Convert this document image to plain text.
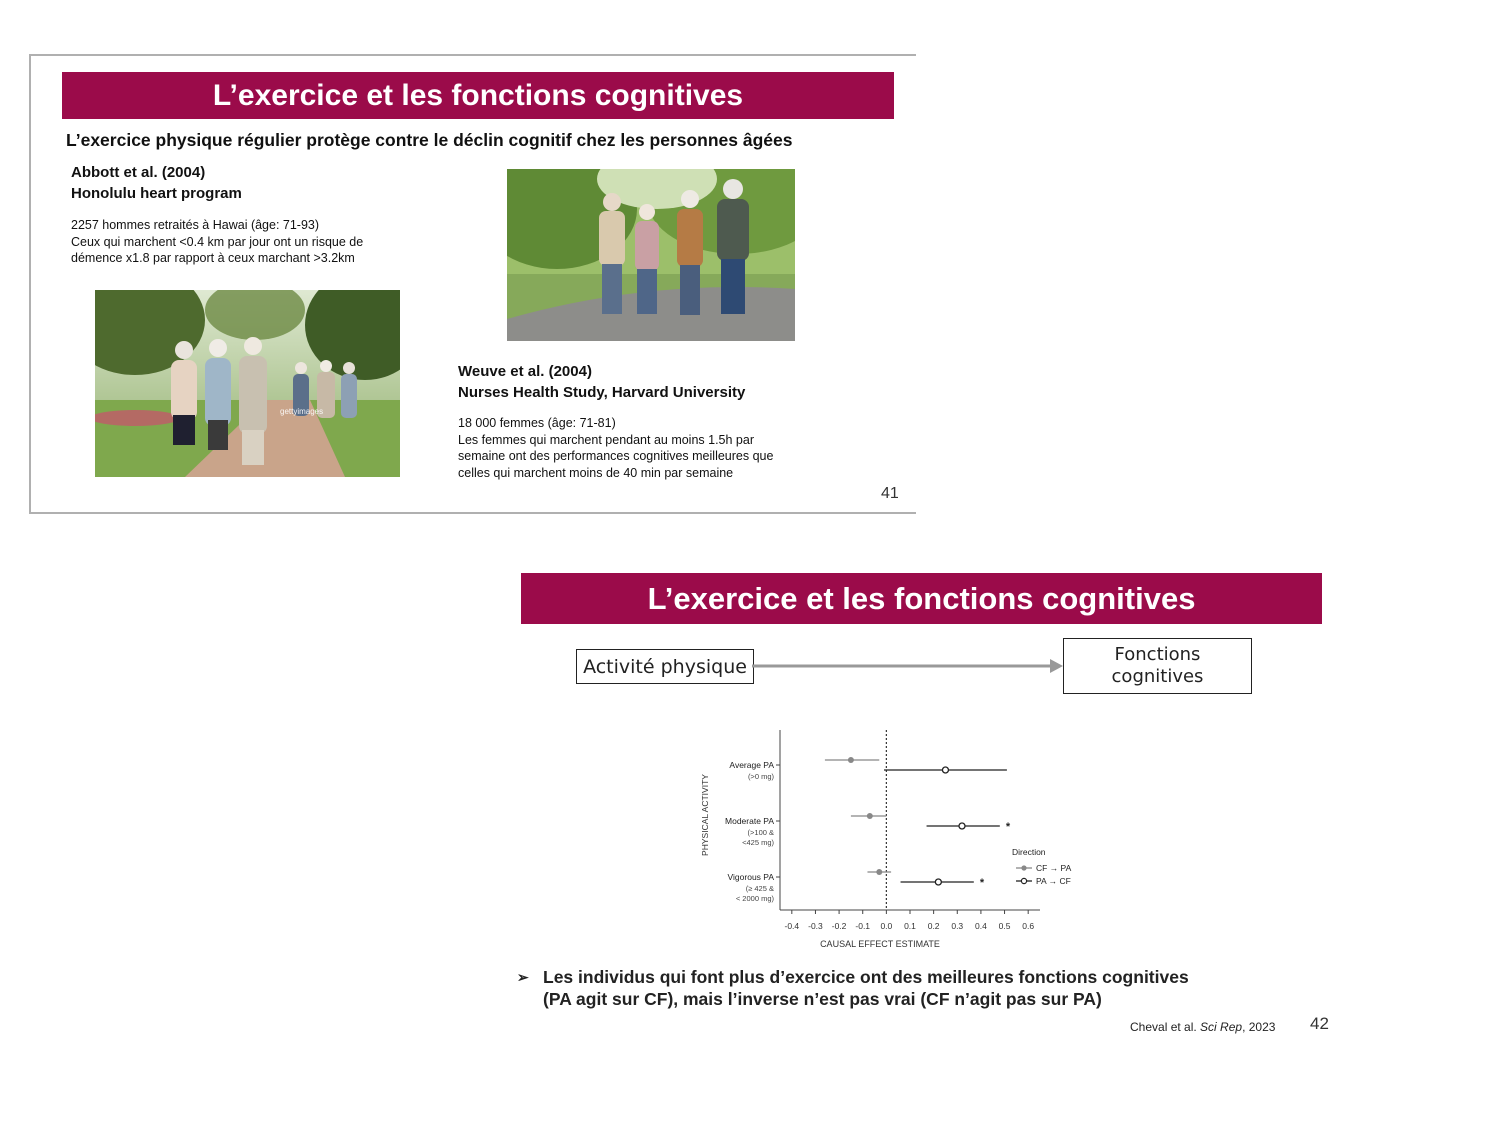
L’exercice et les fonctions cognitives
L’exercice physique régulier protège contre le déclin cognitif chez les personnes âgées
Abbott et al. (2004)
Honolulu heart program
2257 hommes retraités à Hawai (âge: 71-93)
Ceux qui marchent <0.4 km par jour ont un risque de
démence x1.8 par rapport à ceux marchant >3.2km
gettyimages
Weuve et al. (2004)
Nurses Health Study, Harvard University
18 000 femmes (âge: 71-81)
Les femmes qui marchent pendant au moins 1.5h par
semaine ont des performances cognitives meilleures que
celles qui marchent moins de 40 min par semaine
41
L’exercice et les fonctions cognitives
Activité physique
Fonctions
cognitives
-0.4 -0.3 -0.2 -0.1 0.0 0.1 0.2 0.3 0.4 0.5 0.6
CAUSAL EFFECT ESTIMATE
PHYSICAL ACTIVITY
Average PA
(>0 mg)
Moderate PA
(>100 &
<425 mg)
Vigorous PA
(≥ 425 &
< 2000 mg)
*
*
Direction
CF → PA
PA → CF
➢ Les individus qui font plus d’exercice ont des meilleures fonctions cognitives
(PA agit sur CF), mais l’inverse n’est pas vrai (CF n’agit pas sur PA)
Cheval et al. Sci Rep, 2023 42
